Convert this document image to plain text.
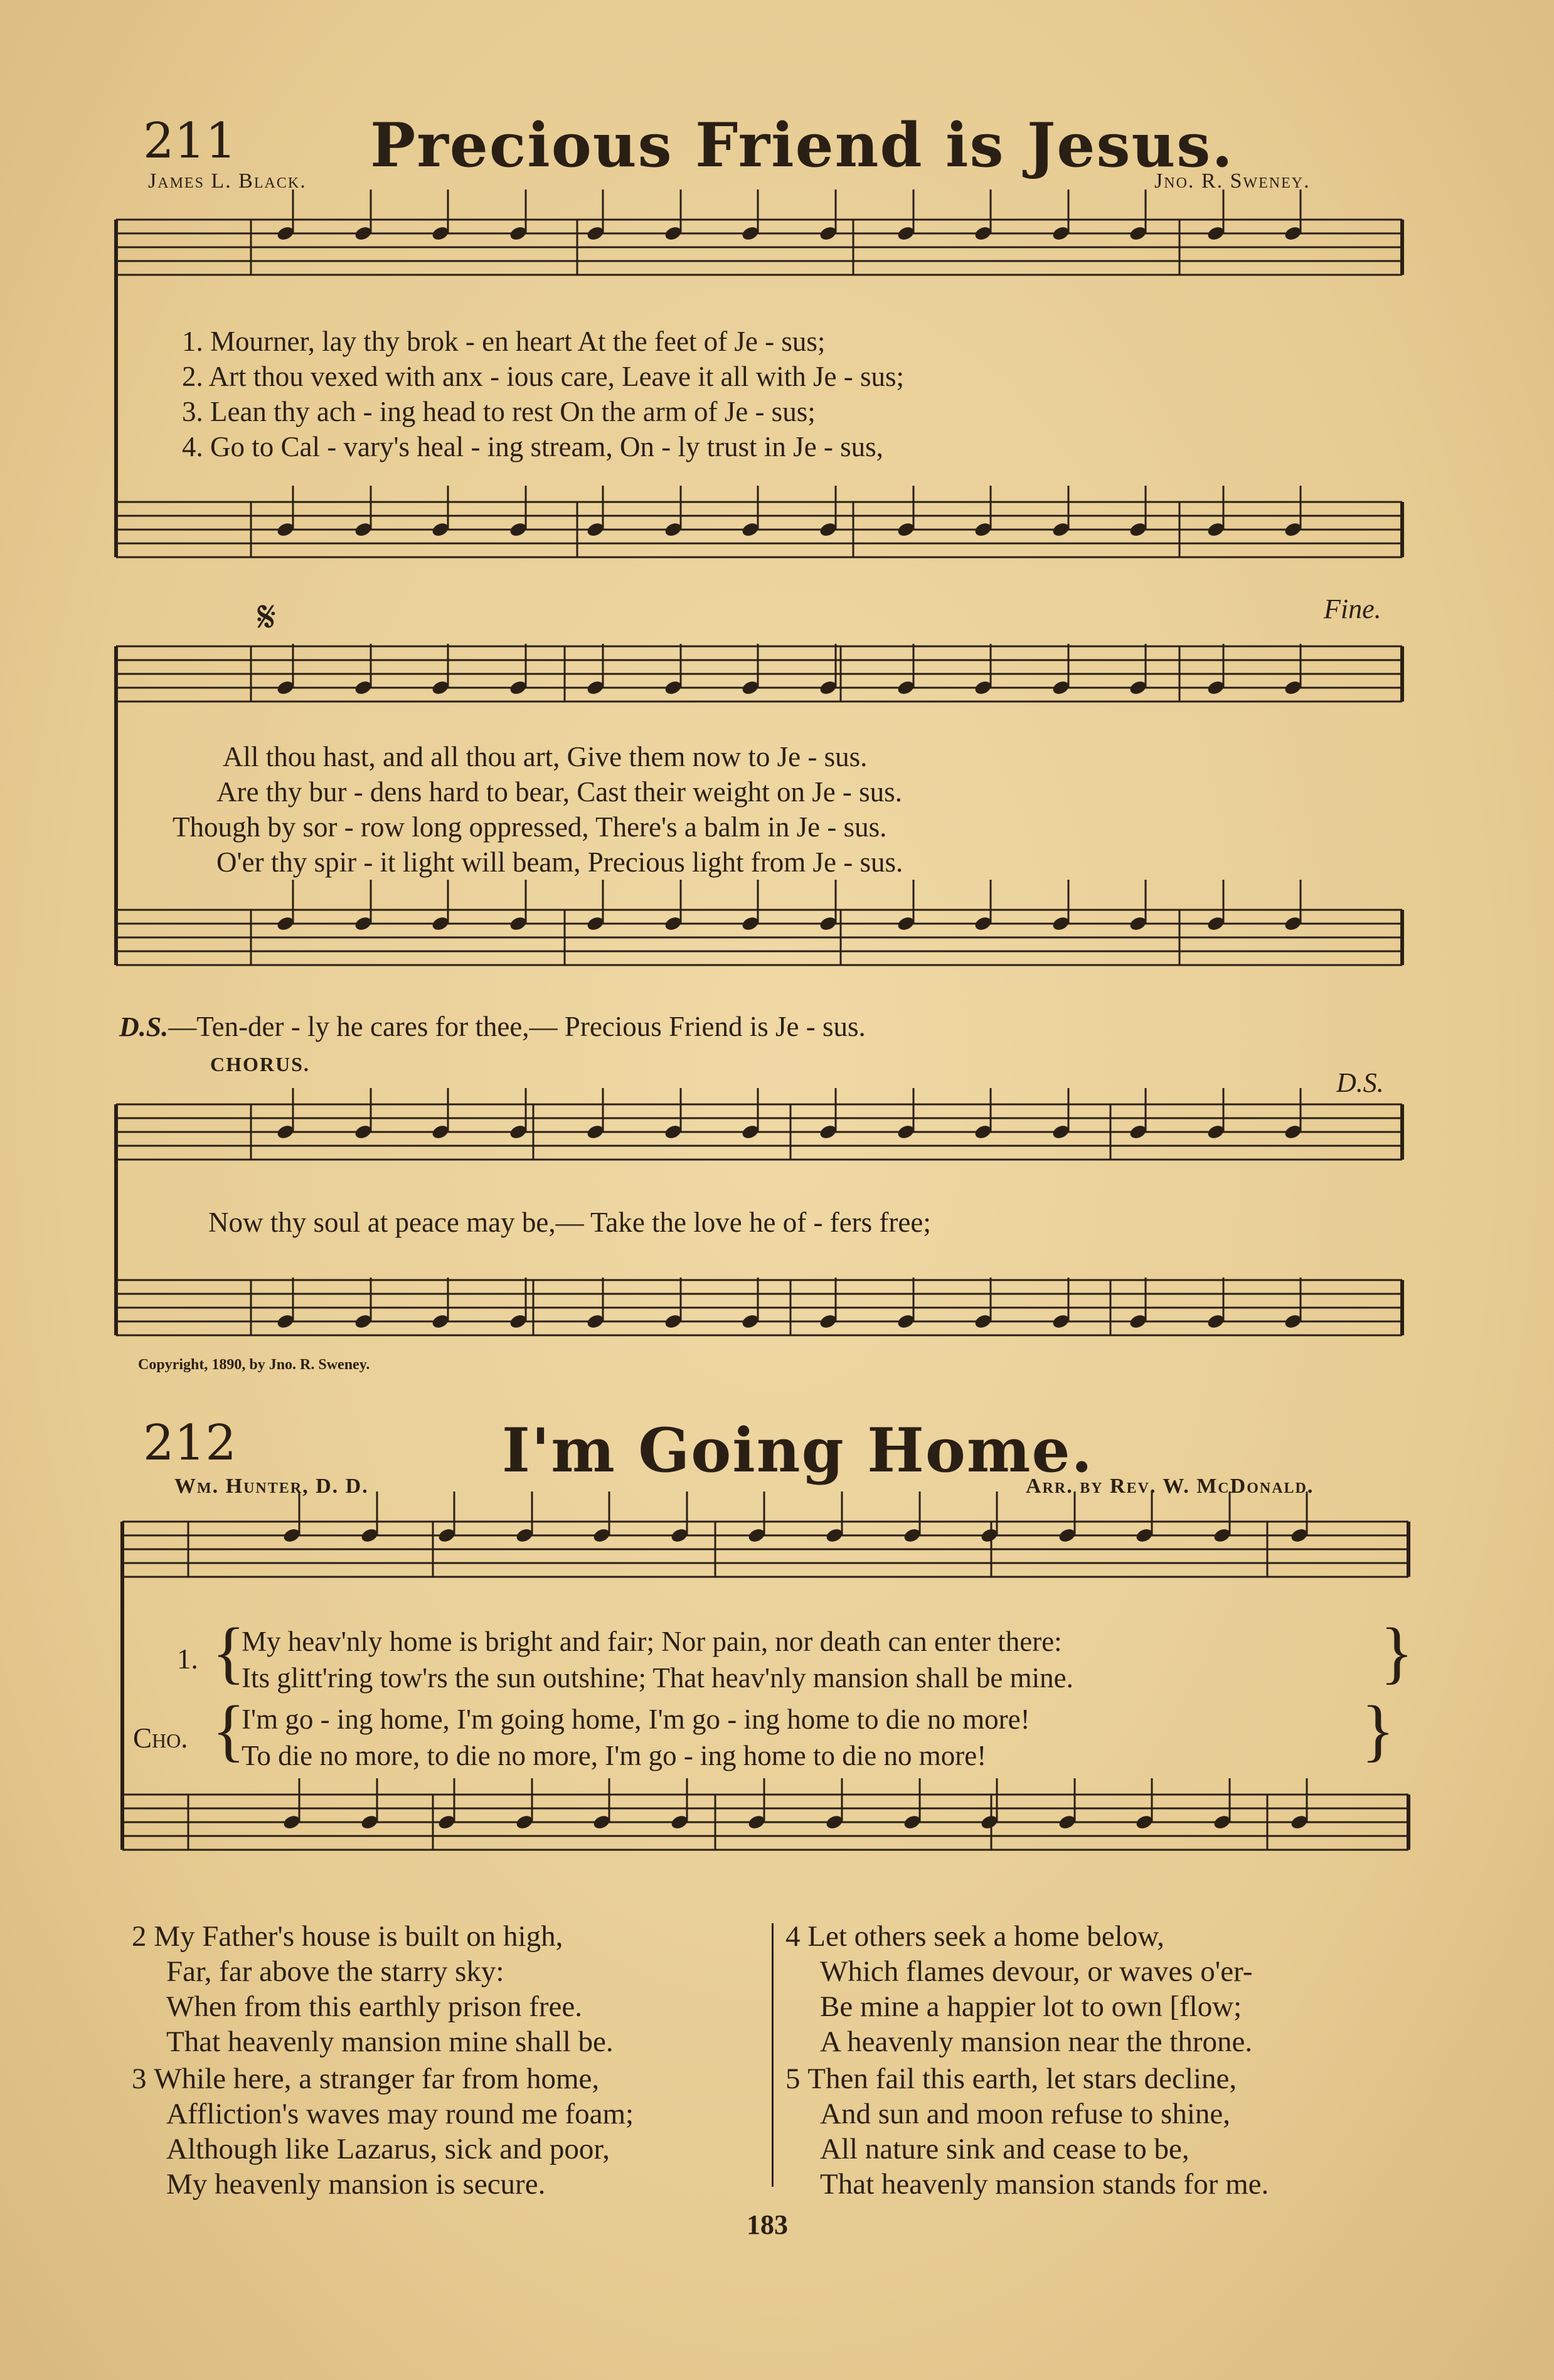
211 Precious Friend is Jesus.
James L. Black.	Jno. R. Sweney.
1. Mourner, lay thy brok - en heart At the feet of Je - sus;
2. Art thou vexed with anx - ious care, Leave it all with Je - sus;
3. Lean thy ach - ing head to rest On the arm of Je - sus;
4. Go to Cal - vary's heal - ing stream, On - ly trust in Je - sus,
𝄋	Fine.
All thou hast, and all thou art, Give them now to Je - sus.
Are thy bur - dens hard to bear, Cast their weight on Je - sus.
Though by sor - row long oppressed, There's a balm in Je - sus.
O'er thy spir - it light will beam, Precious light from Je - sus.
D.S.—Ten-der - ly he cares for thee,— Precious Friend is Je - sus.
CHORUS.
D.S.
Now thy soul at peace may be,— Take the love he of - fers free;
Copyright, 1890, by Jno. R. Sweney.
212	I'm Going Home.
Wm. Hunter, D. D.	Arr. by Rev. W. McDonald.
1. {
My heav'nly home is bright and fair; Nor pain, nor death can enter there:
Its glitt'ring tow'rs the sun outshine; That heav'nly mansion shall be mine.	}
Cho. {
I'm go - ing home, I'm going home, I'm go - ing home to die no more!
To die no more, to die no more, I'm go - ing home to die no more!	}

2 My Father's house is built on high,

Far, far above the starry sky:

When from this earthly prison free.

That heavenly mansion mine shall be.

3 While here, a stranger far from home,

Affliction's waves may round me foam;

Although like Lazarus, sick and poor,

My heavenly mansion is secure.

4 Let others seek a home below,

Which flames devour, or waves o'er-

Be mine a happier lot to own [flow;

A heavenly mansion near the throne.

5 Then fail this earth, let stars decline,

And sun and moon refuse to shine,

All nature sink and cease to be,

That heavenly mansion stands for me.

183
